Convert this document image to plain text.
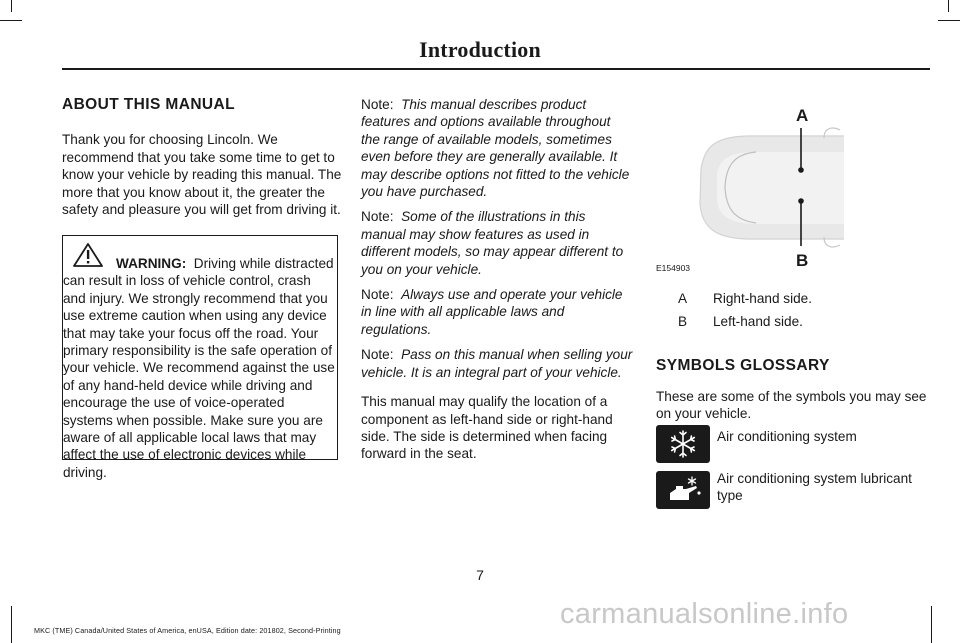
Introduction
ABOUT THIS MANUAL

Thank you for choosing Lincoln. We recommend that you take some time to get to know your vehicle by reading this manual. The more that you know about it, the greater the safety and pleasure you will get from driving it.

WARNING: Driving while distracted can result in loss of vehicle control, crash and injury. We strongly recommend that you use extreme caution when using any device that may take your focus off the road. Your primary responsibility is the safe operation of your vehicle. We recommend against the use of any hand-held device while driving and encourage the use of voice-operated systems when possible. Make sure you are aware of all applicable local laws that may affect the use of electronic devices while driving.

Note: This manual describes product features and options available throughout the range of available models, sometimes even before they are generally available. It may describe options not fitted to the vehicle you have purchased.

Note: Some of the illustrations in this manual may show features as used in different models, so may appear different to you on your vehicle.

Note: Always use and operate your vehicle in line with all applicable laws and regulations.

Note: Pass on this manual when selling your vehicle. It is an integral part of your vehicle.

This manual may qualify the location of a component as left-hand side or right-hand side. The side is determined when facing forward in the seat.

A
B
E154903
A Right-hand side.
B Left-hand side.
SYMBOLS GLOSSARY

These are some of the symbols you may see on your vehicle.

Air conditioning system
Air conditioning system lubricant type
7
carmanualsonline.info
MKC (TME) Canada/United States of America, enUSA, Edition date: 201802, Second-Printing
